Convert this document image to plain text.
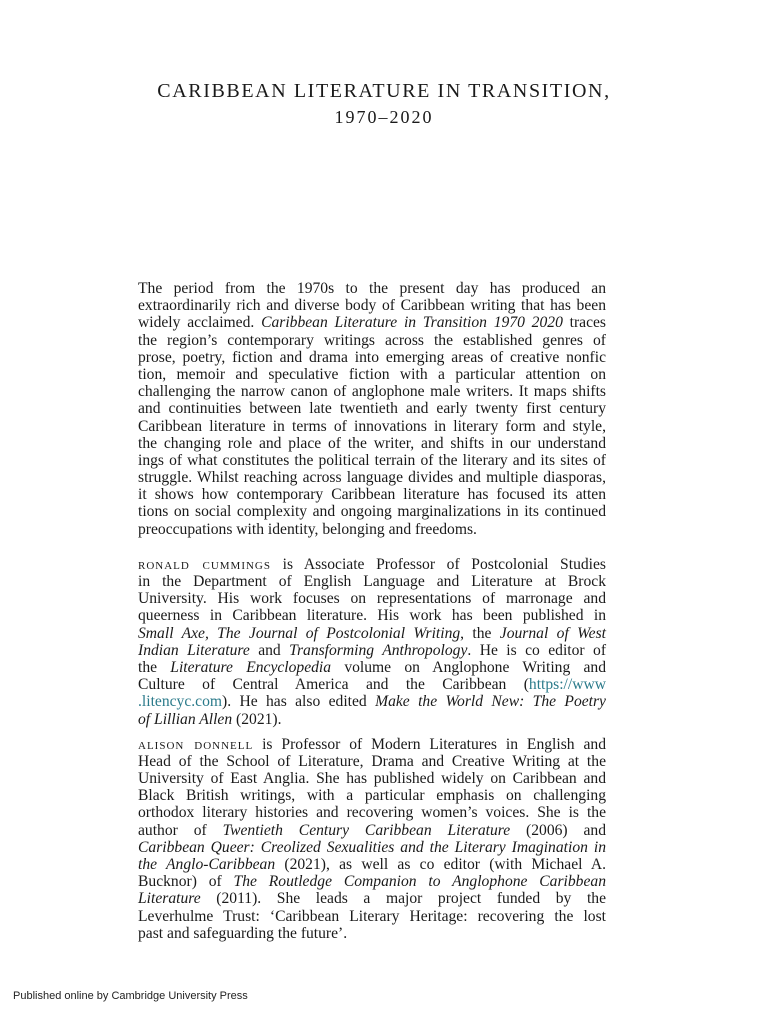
CARIBBEAN LITERATURE IN TRANSITION,
1970–2020
The period from the 1970s to the present day has produced an
extraordinarily rich and diverse body of Caribbean writing that has been
widely acclaimed. Caribbean Literature in Transition 1970 2020 traces
the region’s contemporary writings across the established genres of
prose, poetry, fiction and drama into emerging areas of creative nonfic
tion, memoir and speculative fiction with a particular attention on
challenging the narrow canon of anglophone male writers. It maps shifts
and continuities between late twentieth and early twenty first century
Caribbean literature in terms of innovations in literary form and style,
the changing role and place of the writer, and shifts in our understand
ings of what constitutes the political terrain of the literary and its sites of
struggle. Whilst reaching across language divides and multiple diasporas,
it shows how contemporary Caribbean literature has focused its atten
tions on social complexity and ongoing marginalizations in its continued
preoccupations with identity, belonging and freedoms.
ronald cummings is Associate Professor of Postcolonial Studies
in the Department of English Language and Literature at Brock
University. His work focuses on representations of marronage and
queerness in Caribbean literature. His work has been published in
Small Axe, The Journal of Postcolonial Writing, the Journal of West
Indian Literature and Transforming Anthropology. He is co editor of
the Literature Encyclopedia volume on Anglophone Writing and
Culture of Central America and the Caribbean (https://www
.litencyc.com). He has also edited Make the World New: The Poetry
of Lillian Allen (2021).
alison donnell is Professor of Modern Literatures in English and
Head of the School of Literature, Drama and Creative Writing at the
University of East Anglia. She has published widely on Caribbean and
Black British writings, with a particular emphasis on challenging
orthodox literary histories and recovering women’s voices. She is the
author of Twentieth Century Caribbean Literature (2006) and
Caribbean Queer: Creolized Sexualities and the Literary Imagination in
the Anglo-Caribbean (2021), as well as co editor (with Michael A.
Bucknor) of The Routledge Companion to Anglophone Caribbean
Literature (2011). She leads a major project funded by the
Leverhulme Trust: ‘Caribbean Literary Heritage: recovering the lost
past and safeguarding the future’.
Published online by Cambridge University Press
